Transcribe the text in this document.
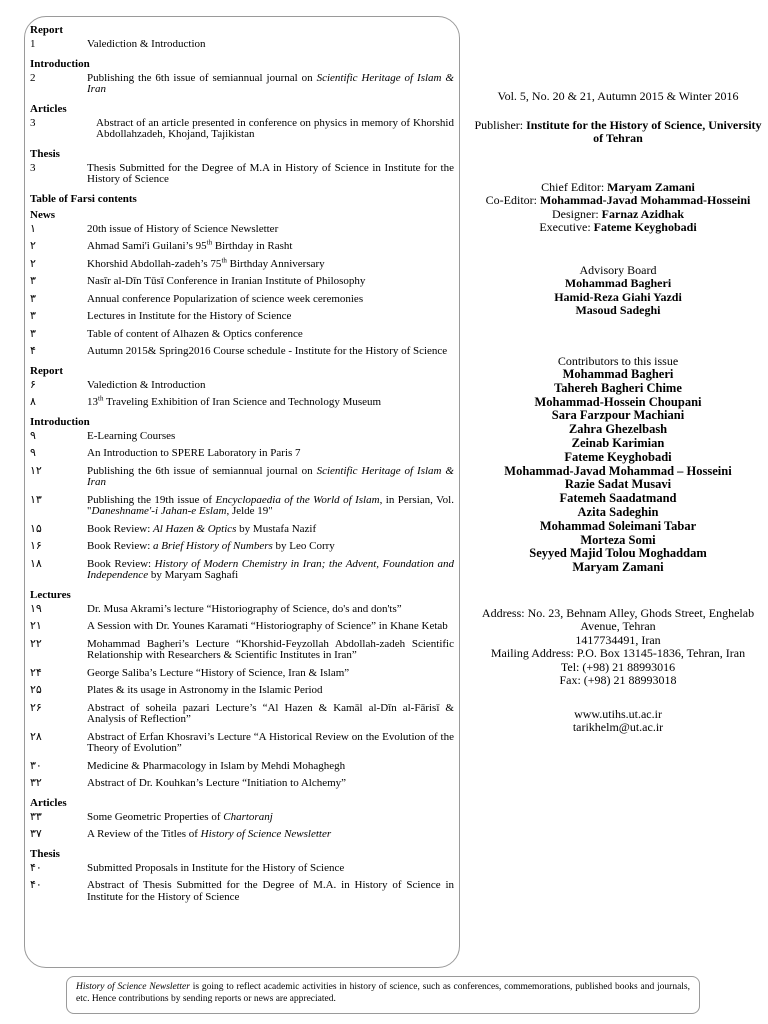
Report
1	Valediction & Introduction
Introduction
2	Publishing the 6th issue of semiannual journal on Scientific Heritage of Islam & Iran
Articles
3	Abstract of an article presented in conference on physics in memory of Khorshid Abdollahzadeh, Khojand, Tajikistan
Thesis
3	Thesis Submitted for the Degree of M.A in History of Science in Institute for the History of Science
Table of Farsi contents
News
۱	20th issue of History of Science Newsletter
۲	Ahmad Sami'i Guilani’s 95th Birthday in Rasht
۲	Khorshid Abdollah-zadeh’s 75th Birthday Anniversary
۳	Nasīr al-Dīn Tūsī Conference in Iranian Institute of Philosophy
۳	Annual conference Popularization of science week ceremonies
۳	Lectures in Institute for the History of Science
۳	Table of content of Alhazen & Optics conference
۴	Autumn 2015& Spring2016 Course schedule - Institute for the History of Science
Report
۶	Valediction & Introduction
۸	13th Traveling Exhibition of Iran Science and Technology Museum
Introduction
۹	E-Learning Courses
۹	An Introduction to SPERE Laboratory in Paris 7
۱۲	Publishing the 6th issue of semiannual journal on Scientific Heritage of Islam & Iran
۱۳	Publishing the 19th issue of Encyclopaedia of the World of Islam, in Persian, Vol. "Daneshname'-i Jahan-e Eslam, Jelde 19"
۱۵	Book Review: Al Hazen & Optics by Mustafa Nazif
۱۶	Book Review: a Brief History of Numbers by Leo Corry
۱۸	Book Review: History of Modern Chemistry in Iran; the Advent, Foundation and Independence by Maryam Saghafi
Lectures
۱۹	Dr. Musa Akrami’s lecture “Historiography of Science, do's and don'ts”
۲۱	A Session with Dr. Younes Karamati “Historiography of Science” in Khane Ketab
۲۲	Mohammad Bagheri’s Lecture “Khorshid-Feyzollah Abdollah-zadeh Scientific Relationship with Researchers & Scientific Institutes in Iran”
۲۴	George Saliba’s Lecture “History of Science, Iran & Islam”
۲۵	Plates & its usage in Astronomy in the Islamic Period
۲۶	Abstract of soheila pazari Lecture’s “Al Hazen & Kamāl al-Dīn al-Fārisī & Analysis of Reflection”
۲۸	Abstract of Erfan Khosravi’s Lecture “A Historical Review on the Evolution of the Theory of Evolution”
۳۰	Medicine & Pharmacology in Islam by Mehdi Mohaghegh
۳۲	Abstract of Dr. Kouhkan’s Lecture “Initiation to Alchemy”
Articles
۳۳	Some Geometric Properties of Chartoranj
۳۷	A Review of the Titles of History of Science Newsletter
Thesis
۴۰	Submitted Proposals in Institute for the History of Science
۴۰	Abstract of Thesis Submitted for the Degree of M.A. in History of Science in Institute for the History of Science

Vol. 5, No. 20 & 21, Autumn 2015 & Winter 2016

Publisher: Institute for the History of Science, University of Tehran

Chief Editor: Maryam Zamani
Co-Editor: Mohammad-Javad Mohammad-Hosseini
Designer: Farnaz Azidhak
Executive: Fateme Keyghobadi
Advisory Board
Mohammad Bagheri
Hamid-Reza Giahi Yazdi
Masoud Sadeghi
Contributors to this issue
Mohammad Bagheri
Tahereh Bagheri Chime
Mohammad-Hossein Choupani
Sara Farzpour Machiani
Zahra Ghezelbash
Zeinab Karimian
Fateme Keyghobadi
Mohammad-Javad Mohammad – Hosseini
Razie Sadat Musavi
Fatemeh Saadatmand
Azita Sadeghin
Mohammad Soleimani Tabar
Morteza Somi
Seyyed Majid Tolou Moghaddam
Maryam Zamani
Address: No. 23, Behnam Alley, Ghods Street, Enghelab Avenue, Tehran
1417734491, Iran
Mailing Address: P.O. Box 13145-1836, Tehran, Iran
Tel: (+98) 21 88993016
Fax: (+98) 21 88993018
www.utihs.ut.ac.ir
tarikhelm@ut.ac.ir
History of Science Newsletter is going to reflect academic activities in history of science, such as conferences, commemorations, published books and journals, etc. Hence contributions by sending reports or news are appreciated.
